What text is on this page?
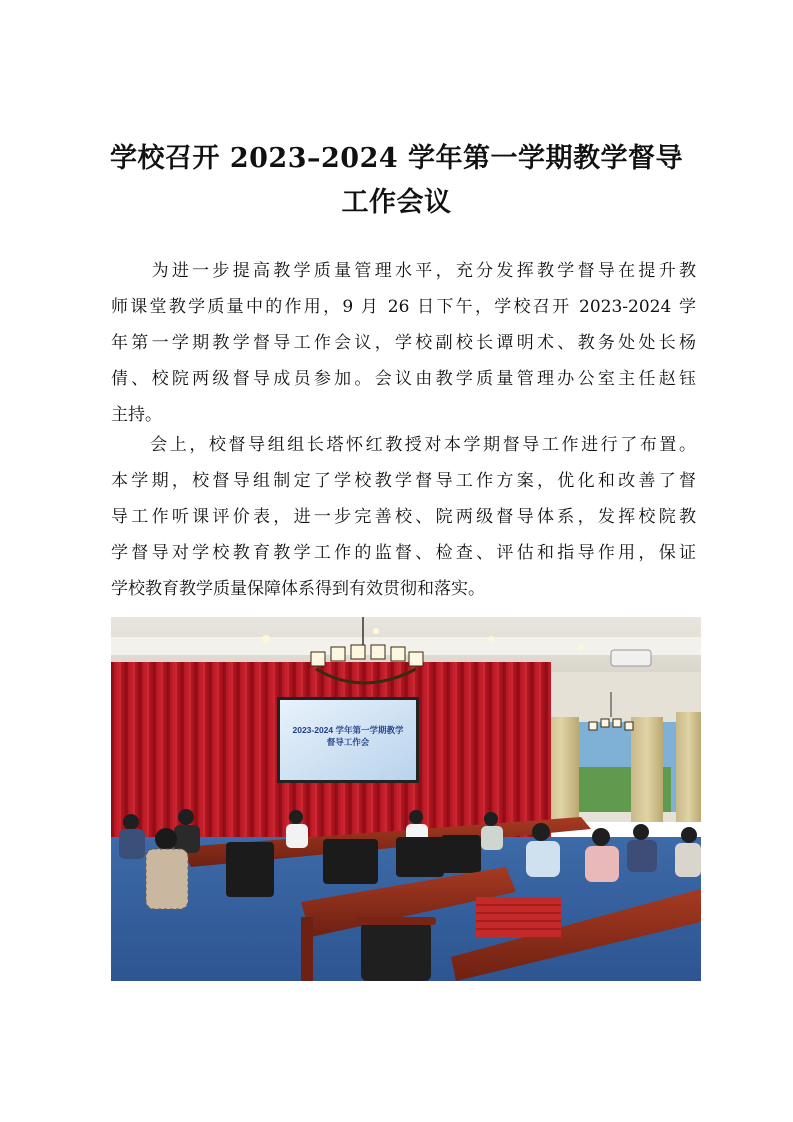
学校召开 2023–2024 学年第一学期教学督导
工作会议
　　为进一步提高教学质量管理水平，充分发挥教学督导在提升教
师课堂教学质量中的作用，9 月 26 日下午，学校召开 2023-2024 学
年第一学期教学督导工作会议，学校副校长谭明术、教务处处长杨
倩、校院两级督导成员参加。会议由教学质量管理办公室主任赵钰
主持。
　　会上，校督导组组长塔怀红教授对本学期督导工作进行了布置。
本学期，校督导组制定了学校教学督导工作方案，优化和改善了督
导工作听课评价表，进一步完善校、院两级督导体系，发挥校院教
学督导对学校教育教学工作的监督、检查、评估和指导作用，保证
学校教育教学质量保障体系得到有效贯彻和落实。
2023-2024 学年第一学期教学
督导工作会
